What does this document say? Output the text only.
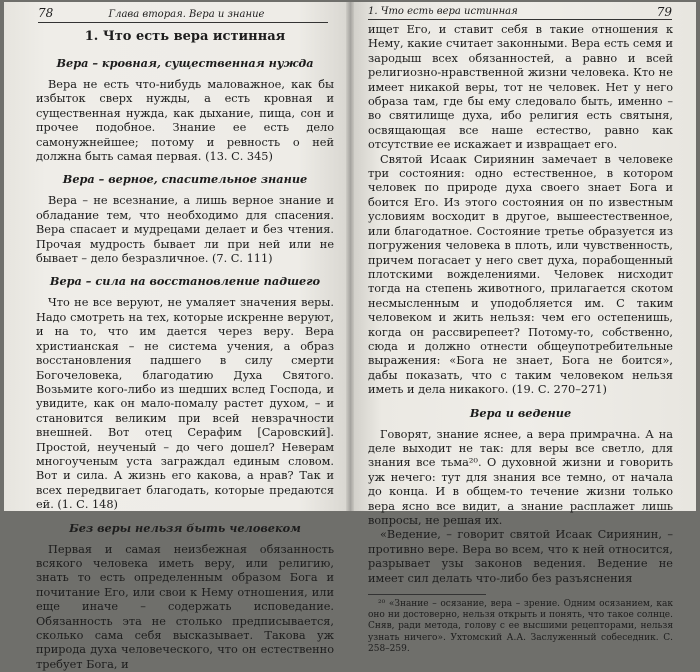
78	Глава вторая. Вера и знание
1. Что есть вера истинная
Вера – кровная, существенная нужда

Вера не есть что-нибудь маловажное, как бы избыток сверх нужды, а есть кровная и существенная нужда, как дыхание, пища, сон и прочее подобное. Знание ее есть дело самонужнейшее; потому и ревность о ней должна быть самая первая. (13. С. 345)

Вера – верное, спасительное знание

Вера – не всезнание, а лишь верное знание и обладание тем, что необходимо для спасения. Вера спасает и мудрецами делает и без чтения. Прочая мудрость бывает ли при ней или не бывает – дело безразличное. (7. С. 111)

Вера – сила на восстановление падшего

Что не все веруют, не умаляет значения веры. Надо смотреть на тех, которые искренне веруют, и на то, что им дается через веру. Вера христианская – не система учения, а образ восстановления падшего в силу смерти Богочеловека, благодатию Духа Святого. Возьмите кого-либо из шедших вслед Господа, и увидите, как он мало-помалу растет духом, – и становится великим при всей невзрачности внешней. Вот отец Серафим [Саровский]. Простой, неученый – до чего дошел? Неверам многоученым уста заграждал единым словом. Вот и сила. А жизнь его какова, а нрав? Так и всех передвигает благодать, которые предаются ей. (1. С. 148)

Без веры нельзя быть человеком

Первая и самая неизбежная обязанность всякого человека иметь веру, или религию, знать то есть определенным образом Бога и почитание Его, или свои к Нему отношения, или еще иначе – содержать исповедание. Обязанность эта не столько предписывается, сколько сама себя высказывает. Такова уж природа духа человеческого, что он естественно требует Бога, и

1. Что есть вера истинная	79

ищет Его, и ставит себя в такие отношения к Нему, какие считает законными. Вера есть семя и зародыш всех обязанностей, а равно и всей религиозно-нравственной жизни человека. Кто не имеет никакой веры, тот не человек. Нет у него образа там, где бы ему следовало быть, именно – во святилище духа, ибо религия есть святыня, освящающая все наше естество, равно как отсутствие ее искажает и извращает его.

Святой Исаак Сириянин замечает в человеке три состояния: одно естественное, в котором человек по природе духа своего знает Бога и боится Его. Из этого состояния он по известным условиям восходит в другое, вышеестественное, или благодатное. Состояние третье образуется из погружения человека в плоть, или чувственность, причем погасает у него свет духа, порабощенный плотскими вожделениями. Человек нисходит тогда на степень животного, прилагается скотом несмысленным и уподобляется им. С таким человеком и жить нельзя: чем его остепенишь, когда он рассвирепеет? Потому-то, собственно, сюда и должно отнести общеупотребительные выражения: «Бога не знает, Бога не боится», дабы показать, что с таким человеком нельзя иметь и дела никакого. (19. С. 270–271)

Вера и ведение

Говорят, знание яснее, а вера примрачна. А на деле выходит не так: для веры все светло, для знания все тьма²⁰. О духовной жизни и говорить уж нечего: тут для знания все темно, от начала до конца. И в общем-то течение жизни только вера ясно все видит, а знание расплажет лишь вопросы, не решая их.

«Ведение, – говорит святой Исаак Сириянин, – противно вере. Вера во всем, что к ней относится, разрывает узы законов ведения. Ведение не имеет сил делать что-либо без разъяснения

²⁰ «Знание – осязание, вера – зрение. Одним осязанием, как оно ни достоверно, нельзя открыть и понять, что такое солнце. Сняв, ради метода, голову с ее высшими рецепторами, нельзя узнать ничего». Ухтомский А.А. Заслуженный собеседник. С. 258–259.
